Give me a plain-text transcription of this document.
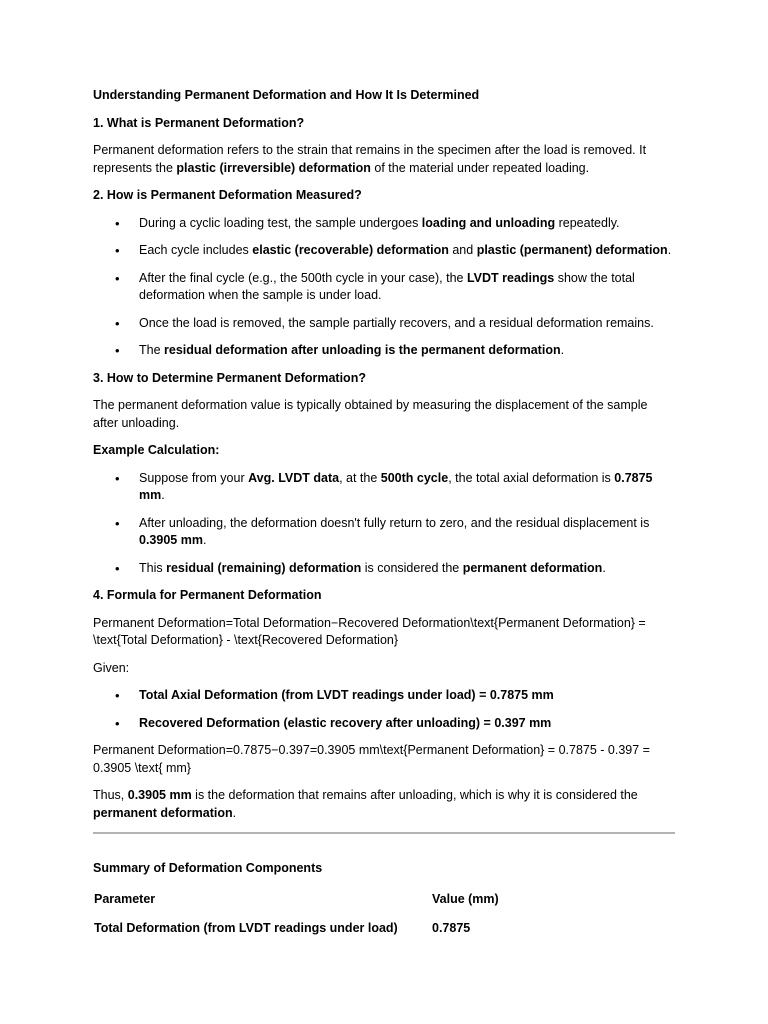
Understanding Permanent Deformation and How It Is Determined

1. What is Permanent Deformation?

Permanent deformation refers to the strain that remains in the specimen after the load is removed. It represents the plastic (irreversible) deformation of the material under repeated loading.

2. How is Permanent Deformation Measured?

• During a cyclic loading test, the sample undergoes loading and unloading repeatedly.
• Each cycle includes elastic (recoverable) deformation and plastic (permanent) deformation.
• After the final cycle (e.g., the 500th cycle in your case), the LVDT readings show the total deformation when the sample is under load.
• Once the load is removed, the sample partially recovers, and a residual deformation remains.
• The residual deformation after unloading is the permanent deformation.

3. How to Determine Permanent Deformation?

The permanent deformation value is typically obtained by measuring the displacement of the sample after unloading.

Example Calculation:

• Suppose from your Avg. LVDT data, at the 500th cycle, the total axial deformation is 0.7875 mm.
• After unloading, the deformation doesn't fully return to zero, and the residual displacement is 0.3905 mm.
• This residual (remaining) deformation is considered the permanent deformation.

4. Formula for Permanent Deformation

Permanent Deformation=Total Deformation−Recovered Deformation\text{Permanent Deformation} = \text{Total Deformation} - \text{Recovered Deformation}

Given:

• Total Axial Deformation (from LVDT readings under load) = 0.7875 mm
• Recovered Deformation (elastic recovery after unloading) = 0.397 mm

Permanent Deformation=0.7875−0.397=0.3905 mm\text{Permanent Deformation} = 0.7875 - 0.397 = 0.3905 \text{ mm}

Thus, 0.3905 mm is the deformation that remains after unloading, which is why it is considered the permanent deformation.

Summary of Deformation Components

Parameter	Value (mm)
Total Deformation (from LVDT readings under load)	0.7875
